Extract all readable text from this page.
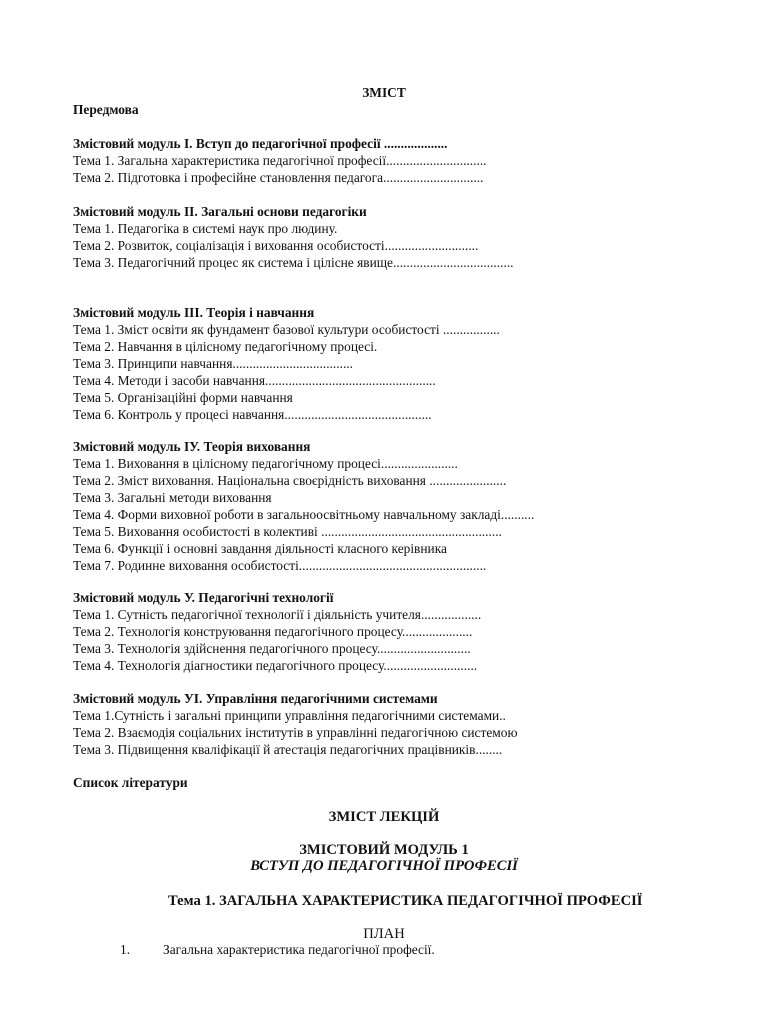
ЗМІСТ
Передмова
Змістовий модуль І. Вступ до педагогічної професії ...................
Тема 1. Загальна характеристика педагогічної професії..............................
Тема 2. Підготовка і професійне становлення педагога..............................
Змістовий модуль ІІ. Загальні основи педагогіки
Тема 1. Педагогіка в системі наук про людину.
Тема 2. Розвиток, соціалізація і виховання особистості............................
Тема 3. Педагогічний процес як система і цілісне явище....................................
Змістовий модуль ІІІ. Теорія і навчання
Тема 1. Зміст освіти як фундамент базової культури особистості .................
Тема 2. Навчання в цілісному педагогічному процесі.
Тема 3. Принципи навчання....................................
Тема 4. Методи і засоби навчання...................................................
Тема 5. Організаційні форми навчання
Тема 6. Контроль у процесі навчання............................................
Змістовий модуль ІУ. Теорія виховання
Тема 1. Виховання в цілісному педагогічному процесі.......................
Тема 2. Зміст виховання. Національна своєрідність виховання .......................
Тема 3. Загальні методи виховання
Тема 4. Форми виховної роботи в загальноосвітньому навчальному закладі..........
Тема 5. Виховання особистості в колективі ......................................................
Тема 6. Функції і основні завдання діяльності класного керівника
Тема 7. Родинне виховання особистості........................................................
Змістовий модуль У. Педагогічні технології
Тема 1. Сутність педагогічної технології і діяльність учителя..................
Тема 2. Технологія конструювання педагогічного процесу.....................
Тема 3. Технологія здійснення педагогічного процесу............................
Тема 4. Технологія діагностики педагогічного процесу............................
Змістовий модуль УІ. Управління педагогічними системами
Тема 1.Сутність і загальні принципи управління педагогічними системами..
Тема 2. Взаємодія соціальних інститутів в управлінні педагогічною системою
Тема 3. Підвищення кваліфікації й атестація педагогічних працівників........
Список літератури
ЗМІСТ ЛЕКЦІЙ
ЗМІСТОВИЙ МОДУЛЬ 1
ВСТУП ДО ПЕДАГОГІЧНОЇ ПРОФЕСІЇ
Тема 1. ЗАГАЛЬНА ХАРАКТЕРИСТИКА ПЕДАГОГІЧНОЇ ПРОФЕСІЇ
ПЛАН
1. Загальна характеристика педагогічної професії.
